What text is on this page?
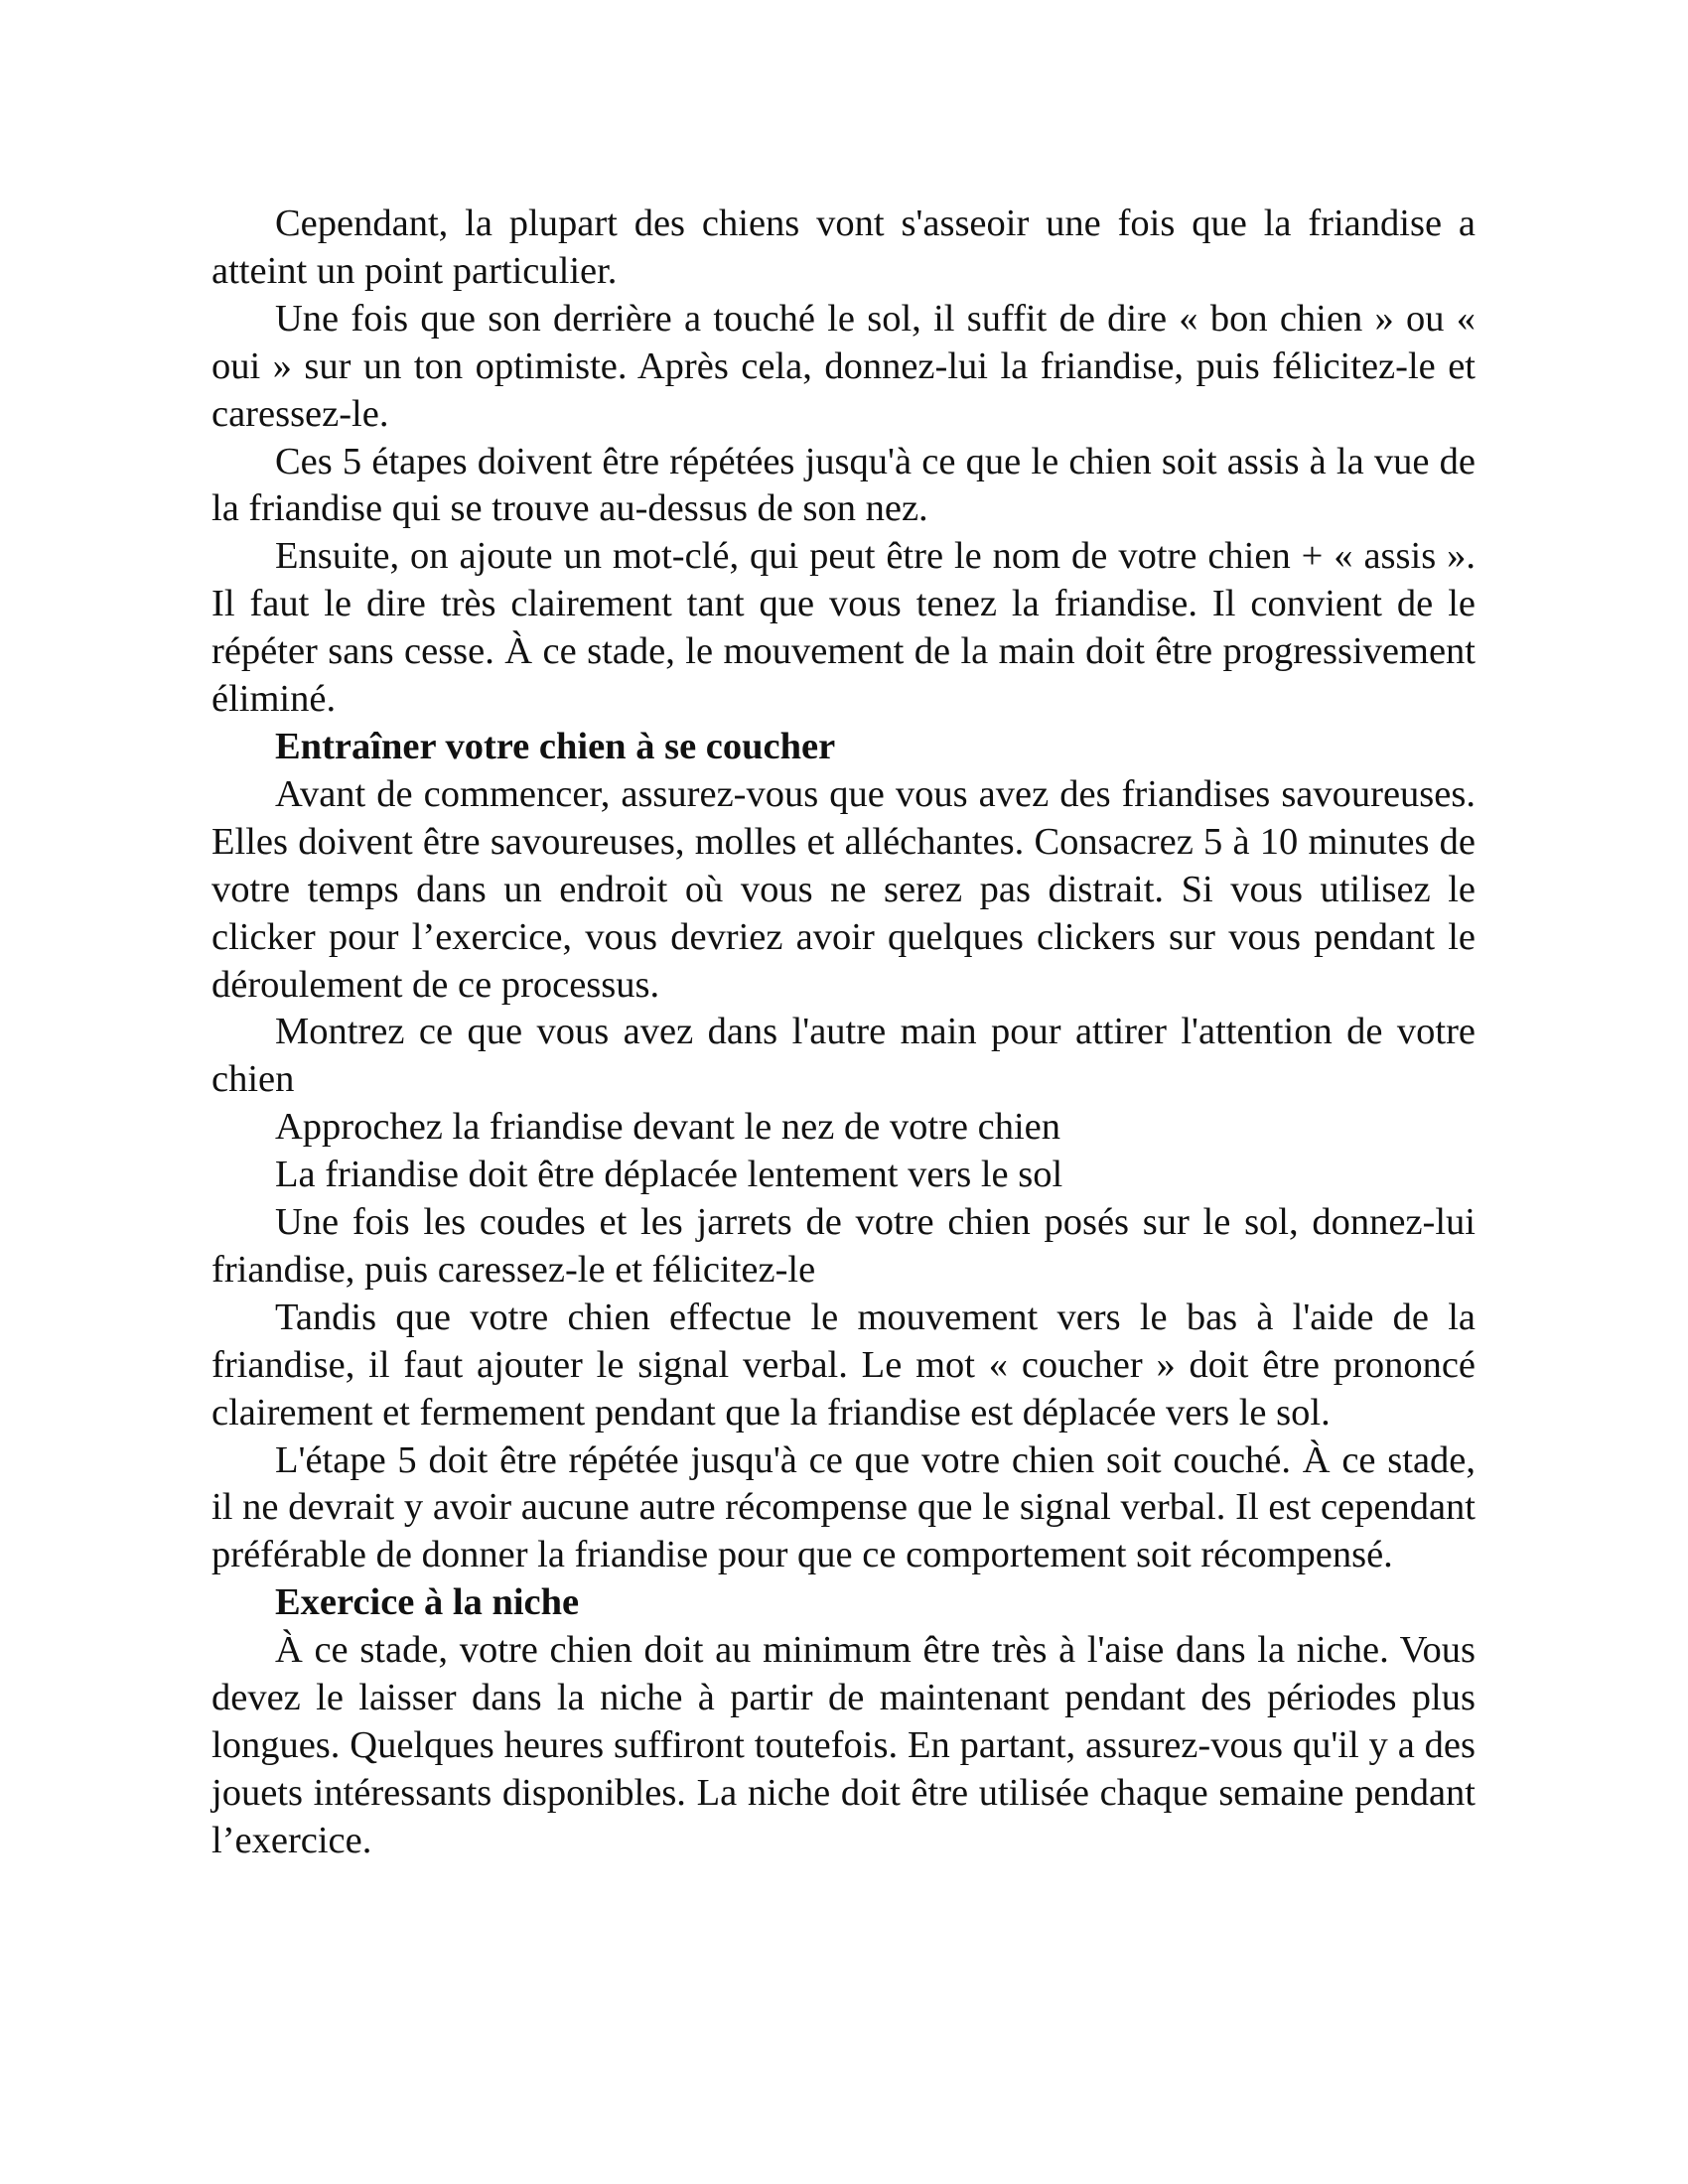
Cependant, la plupart des chiens vont s'asseoir une fois que la friandise a atteint un point particulier.

Une fois que son derrière a touché le sol, il suffit de dire « bon chien » ou « oui » sur un ton optimiste. Après cela, donnez-lui la friandise, puis félicitez-le et caressez-le.

Ces 5 étapes doivent être répétées jusqu'à ce que le chien soit assis à la vue de la friandise qui se trouve au-dessus de son nez.

Ensuite, on ajoute un mot-clé, qui peut être le nom de votre chien + « assis ». Il faut le dire très clairement tant que vous tenez la friandise. Il convient de le répéter sans cesse. À ce stade, le mouvement de la main doit être progressivement éliminé.

Entraîner votre chien à se coucher

Avant de commencer, assurez-vous que vous avez des friandises savoureuses. Elles doivent être savoureuses, molles et alléchantes. Consacrez 5 à 10 minutes de votre temps dans un endroit où vous ne serez pas distrait. Si vous utilisez le clicker pour l’exercice, vous devriez avoir quelques clickers sur vous pendant le déroulement de ce processus.

Montrez ce que vous avez dans l'autre main pour attirer l'attention de votre chien

Approchez la friandise devant le nez de votre chien

La friandise doit être déplacée lentement vers le sol

Une fois les coudes et les jarrets de votre chien posés sur le sol, donnez-lui friandise, puis caressez-le et félicitez-le

Tandis que votre chien effectue le mouvement vers le bas à l'aide de la friandise, il faut ajouter le signal verbal. Le mot « coucher » doit être prononcé clairement et fermement pendant que la friandise est déplacée vers le sol.

L'étape 5 doit être répétée jusqu'à ce que votre chien soit couché. À ce stade, il ne devrait y avoir aucune autre récompense que le signal verbal. Il est cependant préférable de donner la friandise pour que ce comportement soit récompensé.

Exercice à la niche

À ce stade, votre chien doit au minimum être très à l'aise dans la niche. Vous devez le laisser dans la niche à partir de maintenant pendant des périodes plus longues. Quelques heures suffiront toutefois. En partant, assurez-vous qu'il y a des jouets intéressants disponibles. La niche doit être utilisée chaque semaine pendant l’exercice.
